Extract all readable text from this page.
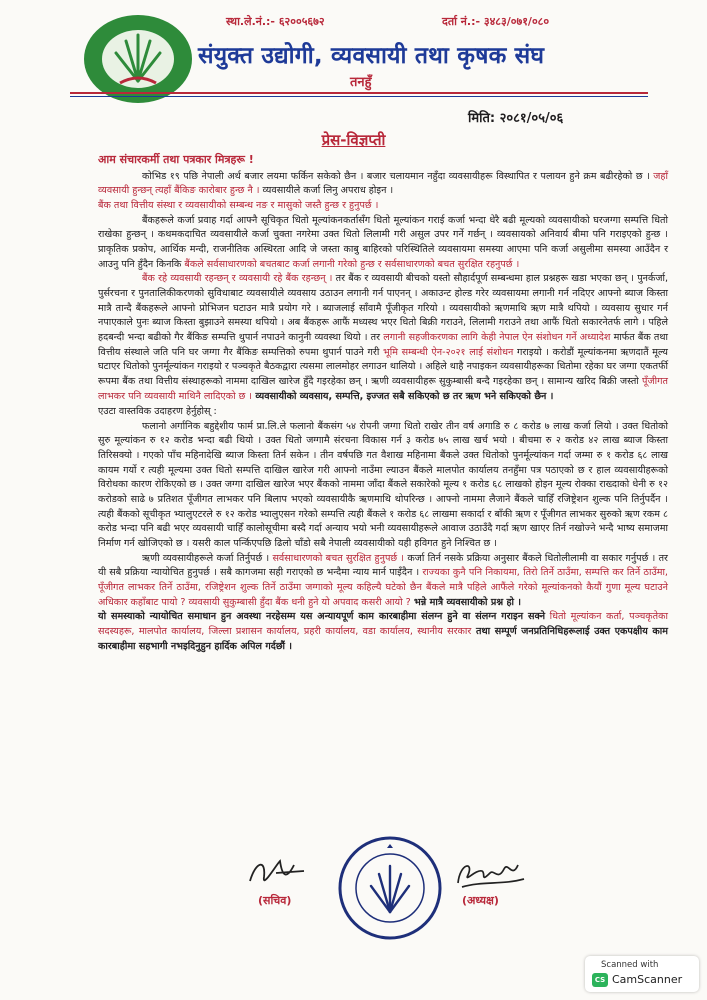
स्था.ले.नं.:- ६२००५६७२	दर्ता नं.:- ३४८३/०७१/०८०
संयुक्त उद्योगी, व्यवसायी तथा कृषक संघ
तनहुँ
मिति: २०८१/०५/०६
प्रेस-विज्ञप्ती

आम संचारकर्मी तथा पत्रकार मित्रहरू !

कोभिड १९ पछि नेपाली अर्थ बजार लयमा फर्किन सकेको छैन । बजार चलायमान नहुँदा व्यवसायीहरू विस्थापित र पलायन हुने क्रम बढीरहेको छ । जहाँ व्यवसायी हुन्छन् त्यहाँ बैंकिङ कारोबार हुन्छ नै । व्यवसायीले कर्जा लिनु अपराध होइन ।
बैंक तथा वित्तीय संस्था र व्यवसायीको सम्बन्ध नङ र मासुको जस्तै हुन्छ र हुनुपर्छ ।

बैंकहरूले कर्जा प्रवाह गर्दा आफ्नै सूचिकृत धितो मूल्यांकनकर्तासँग धितो मूल्यांकन गराई कर्जा भन्दा धेरै बढी मूल्यको व्यवसायीको घरजग्गा सम्पत्ति धितो राखेका हुन्छन् । कथमकदाचित व्यवसायीले कर्जा चुक्ता नगरेमा उक्त धितो लिलामी गरी असुल उपर गर्ने गर्छन् । व्यवसायको अनिवार्य बीमा पनि गराइएको हुन्छ । प्राकृतिक प्रकोप, आर्थिक मन्दी, राजनीतिक अस्थिरता आदि जे जस्ता काबु बाहिरको परिस्थितिले व्यवसायमा समस्या आएमा पनि कर्जा असुलीमा समस्या आउँदैन र आउनु पनि हुँदैन किनकि बैंकले सर्वसाधारणको बचतबाट कर्जा लगानी गरेको हुन्छ र सर्वसाधारणको बचत सुरक्षित रहनुपर्छ ।

बैंक रहे व्यवसायी रहन्छन् र व्यवसायी रहे बैंक रहन्छन् । तर बैंक र व्यवसायी बीचको यस्तो सौहार्दपूर्ण सम्बन्धमा हाल प्रश्नहरू खडा भएका छन् । पुनर्कर्जा, पुर्सरचना र पुनतालिकीकरणको सुविधाबाट व्यवसायीले व्यवसाय उठाउन लगानी गर्न पाएनन् । अकाउन्ट होल्ड गरेर व्यवसायमा लगानी गर्न नदिएर आफ्नो ब्याज किस्ता मात्रै तान्दै बैंकहरूले आफ्नो प्रोभिजन घटाउन मात्रै प्रयोग गरे । ब्याजलाई साँवामै पूँजीकृत गरियो । व्यवसायीको ऋणमाथि ऋण मात्रै थपियो । व्यवसाय सुधार गर्न नपाएकाले पुनः ब्याज किस्ता बुझाउने समस्या थपियो । अब बैंकहरू आफैं मध्यस्थ भएर धितो बिक्री गराउने, लिलामी गराउने तथा आफैं धितो सकारनेतर्फ लागे । पहिले हदबन्दी भन्दा बढीको गैर बैंकिङ सम्पत्ति थुपार्न नपाउने कानुनी व्यवस्था थियो । तर लगानी सहजीकरणका लागि केही नेपाल ऐन संशोधन गर्ने अध्यादेश मार्फत बैंक तथा वित्तीय संस्थाले जति पनि घर जग्गा गैर बैंकिङ सम्पत्तिको रुपमा थुपार्न पाउने गरी भूमि सम्बन्धी ऐन-२०२१ लाई संशोधन गराइयो । करोडौं मूल्यांकनमा ऋणदातैं मूल्य घटाएर धितोको पुनर्मूल्यांकन गराइयो र पञ्चकृते बैठकद्वारा त्यसमा लालमोहर लगाउन थालियो । अहिले थाहै नपाइकन व्यवसायीहरूका धितोमा रहेका घर जग्गा एकतर्फी रूपमा बैंक तथा वित्तीय संस्थाहरूको नाममा दाखिल खारेज हुँदै गइरहेका छन् । ऋणी व्यवसायीहरू सुकुम्बासी बन्दै गइरहेका छन् । सामान्य खरिद बिक्री जस्तो पूँजीगत लाभकर पनि व्यवसायी माथिनै लादिएको छ । व्यवसायीको व्यवसाय, सम्पत्ति, इज्जत सबै सकिएको छ तर ऋण भने सकिएको छैन ।

एउटा वास्तविक उदाहरण हेर्नुहोस् :

फलानो अर्गानिक बहुद्देशीय फार्म प्रा.लि.ले फलानो बैंकसंग ५४ रोपनी जग्गा धितो राखेर तीन वर्ष अगाडि रु ८ करोड ७ लाख कर्जा लियो । उक्त धितोको सुरु मूल्यांकन रु १२ करोड भन्दा बढी थियो । उक्त धितो जग्गामै संरचना विकास गर्न ३ करोड ७५ लाख खर्च भयो । बीचमा रु २ करोड ४२ लाख ब्याज किस्ता तिरिसक्यो । गएको पाँच महिनादेखि ब्याज किस्ता तिर्न सकेन । तीन वर्षपछि गत वैशाख महिनामा बैंकले उक्त धितोको पुनर्मूल्यांकन गर्दा जम्मा रु १ करोड ६८ लाख कायम गर्यो र त्यही मूल्यमा उक्त धितो सम्पत्ति दाखिल खारेज गरी आफ्नो नाउँमा ल्याउन बैंकले मालपोत कार्यालय तनहुँमा पत्र पठाएको छ र हाल व्यवसायीहरूको विरोधका कारण रोकिएको छ । उक्त जग्गा दाखिल खारेज भएर बैंकको नाममा जाँदा बैंकले सकारेको मूल्य १ करोड ६८ लाखको होइन मूल्य रोक्का राख्दाको धेनी रु १२ करोडको साढे ७ प्रतिशत पूँजीगत लाभकर पनि बिलाप भएको व्यवसायीकै ऋणमाथि थोपरिन्छ । आफ्नो नाममा लैजाने बैंकले चाहिँ रजिष्ट्रेशन शुल्क पनि तिर्नुपर्दैन । त्यही बैंकको सूचीकृत भ्यालुएटरले रु १२ करोड भ्यालुएसन गरेको सम्पत्ति त्यही बैंकले १ करोड ६८ लाखमा सकार्दा र बाँकी ऋण र पूँजीगत लाभकर सुरुको ऋण रकम ८ करोड भन्दा पनि बढी भएर व्यवसायी चाहिँ कालोसूचीमा बस्दै गर्दा अन्याय भयो भनी व्यवसायीहरूले आवाज उठाउँदै गर्दा ऋण खाएर तिर्न नखोज्ने भन्दै भाष्य समाजमा निर्माण गर्न खोजिएको छ । यसरी काल पर्न्किएपछि ढिलो चाँडो सबै नेपाली व्यवसायीको यही हविगत हुने निश्चित छ ।

ऋणी व्यवसायीहरूले कर्जा तिर्नुपर्छ । सर्वसाधारणको बचत सुरक्षित हुनुपर्छ । कर्जा तिर्न नसके प्रक्रिया अनुसार बैंकले धितोलीलामी वा सकार गर्नुपर्छ । तर यी सबै प्रक्रिया न्यायोचित हुनुपर्छ । सबै कागजमा सही गराएको छ भन्दैमा न्याय मार्न पाइँदैन । राज्यका कुनै पनि निकायमा, तिरो तिर्ने ठाउँमा, सम्पत्ति कर तिर्ने ठाउँमा, पूँजीगत लाभकर तिर्ने ठाउँमा, रजिष्ट्रेशन शुल्क तिर्ने ठाउँमा जग्गाको मूल्य कहिल्यै घटेको छैन बैंकले मात्रै पहिले आफैंले गरेको मूल्यांकनको कैयौं गुणा मूल्य घटाउने अधिकार कहाँबाट पायो ? व्यवसायी सुकुम्बासी हुँदा बैंक धनी हुने यो अपवाद कसरी आयो ? भन्ने मात्रै व्यवसायीको प्रश्न हो ।

यो समस्याको न्यायोचित समाधान हुन अवस्था नरहेसम्म यस अन्यायपूर्ण काम कारबाहीमा संलग्न हुने वा संलग्न गराइन सक्ने धितो मूल्यांकन कर्ता, पञ्चकृतेका सदस्यहरू, मालपोत कार्यालय, जिल्ला प्रशासन कार्यालय, प्रहरी कार्यालय, वडा कार्यालय, स्थानीय सरकार तथा सम्पूर्ण जनप्रतिनिधिहरूलाई उक्त एकपक्षीय काम कारबाहीमा सहभागी नभइदिनुहुन हार्दिक अपिल गर्दछौं ।

(सचिव)	(अध्यक्ष)
Scanned with
CS CamScanner
